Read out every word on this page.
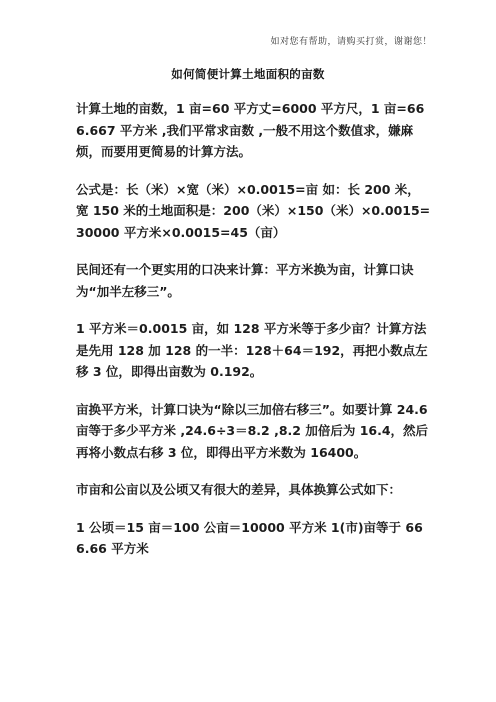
如对您有帮助，请购买打赏，谢谢您！
如何简便计算土地面积的亩数

计算土地的亩数，1 亩=60 平方丈=6000 平方尺，1 亩=666.667 平方米 ,我们平常求亩数 ,一般不用这个数值求，嫌麻烦，而要用更简易的计算方法。

公式是：长（米）×宽（米）×0.0015=亩 如：长 200 米，宽 150 米的土地面积是：200（米）×150（米）×0.0015=30000 平方米×0.0015=45（亩）

民间还有一个更实用的口决来计算：平方米换为亩，计算口诀为“加半左移三”。

1 平方米＝0.0015 亩，如 128 平方米等于多少亩？计算方法是先用 128 加 128 的一半：128＋64＝192，再把小数点左移 3 位，即得出亩数为 0.192。

亩换平方米，计算口诀为“除以三加倍右移三”。如要计算 24.6 亩等于多少平方米 ,24.6÷3＝8.2 ,8.2 加倍后为 16.4，然后再将小数点右移 3 位，即得出平方米数为 16400。

市亩和公亩以及公顷又有很大的差异，具体换算公式如下：

1 公顷＝15 亩＝100 公亩＝10000 平方米 1(市)亩等于 666.66 平方米
